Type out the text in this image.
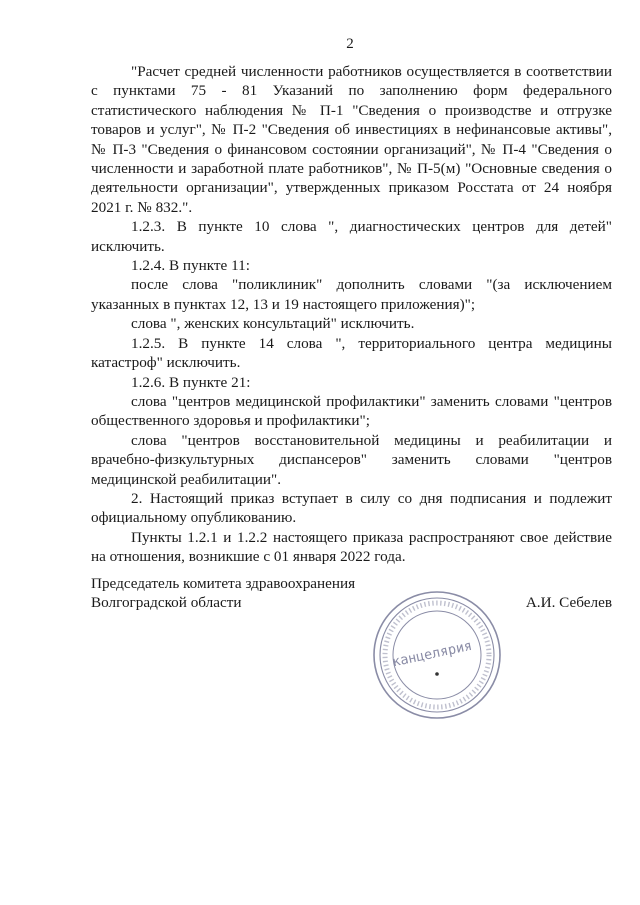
2

"Расчет средней численности работников осуществляется в соответствии с пунктами 75 - 81 Указаний по заполнению форм федерального статистического наблюдения № П-1 "Сведения о производстве и отгрузке товаров и услуг", № П-2 "Сведения об инвестициях в нефинансовые активы", № П-3 "Сведения о финансовом состоянии организаций", № П-4 "Сведения о численности и заработной плате работников", № П-5(м) "Основные сведения о деятельности организации", утвержденных приказом Росстата от 24 ноября 2021 г. № 832.".

1.2.3. В пункте 10 слова ", диагностических центров для детей" исключить.

1.2.4. В пункте 11:

после слова "поликлиник" дополнить словами "(за исключением указанных в пунктах 12, 13 и 19 настоящего приложения)";

слова ", женских консультаций" исключить.

1.2.5. В пункте 14 слова ", территориального центра медицины катастроф" исключить.

1.2.6. В пункте 21:

слова "центров медицинской профилактики" заменить словами "центров общественного здоровья и профилактики";

слова "центров восстановительной медицины и реабилитации и врачебно-физкультурных диспансеров" заменить словами "центров медицинской реабилитации".

2. Настоящий приказ вступает в силу со дня подписания и подлежит официальному опубликованию.

Пункты 1.2.1 и 1.2.2 настоящего приказа распространяют свое действие на отношения, возникшие с 01 января 2022 года.

Председатель комитета здравоохранения
Волгоградской области	А.И. Себелев
канцелярия
